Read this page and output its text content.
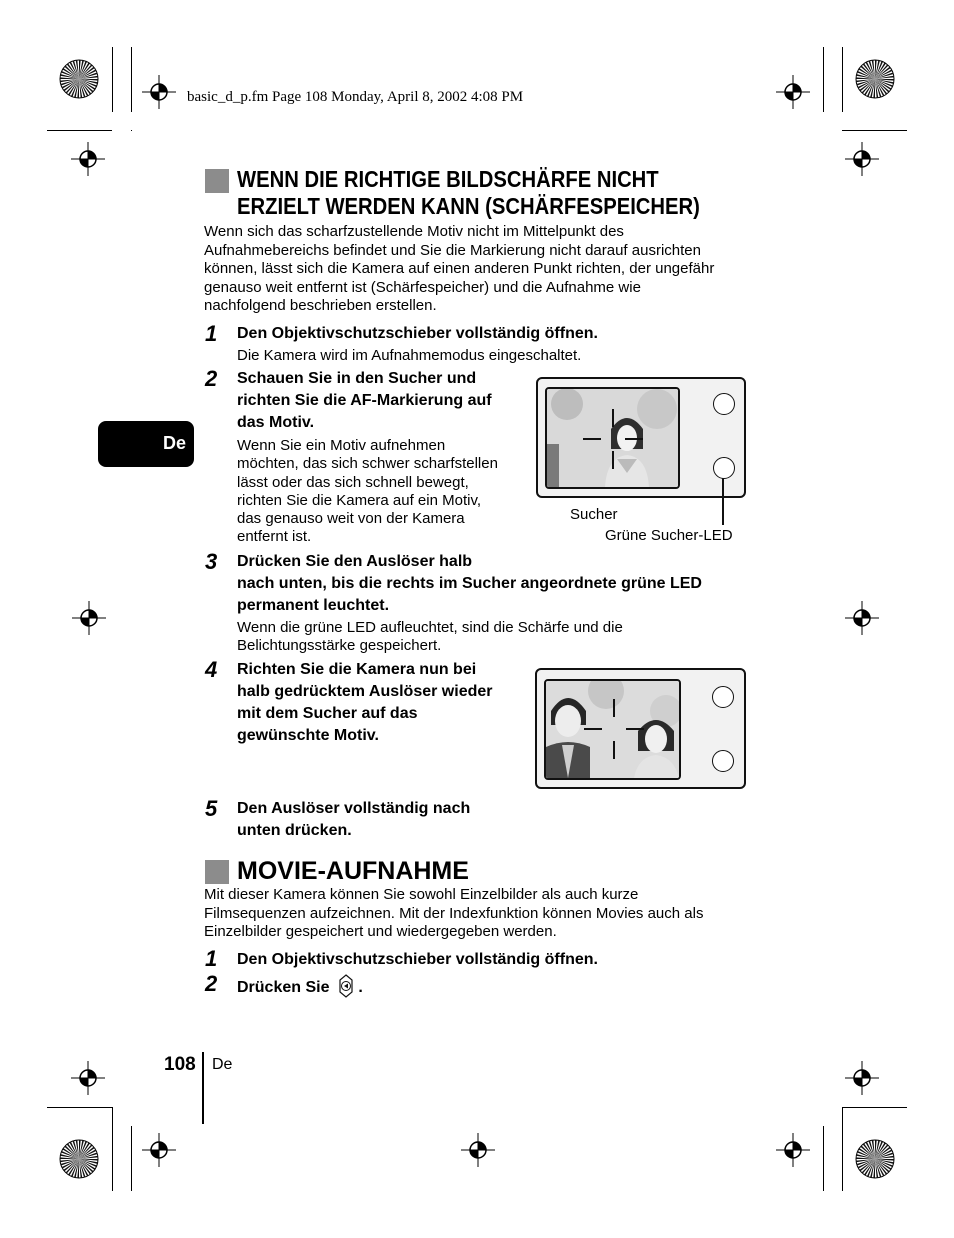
basic_d_p.fm Page 108 Monday, April 8, 2002 4:08 PM
De
WENN DIE RICHTIGE BILDSCHÄRFE NICHT
ERZIELT WERDEN KANN (SCHÄRFESPEICHER)
Wenn sich das scharfzustellende Motiv nicht im Mittelpunkt des
Aufnahmebereichs befindet und Sie die Markierung nicht darauf ausrichten
können, lässt sich die Kamera auf einen anderen Punkt richten, der ungefähr
genauso weit entfernt ist (Schärfespeicher) und die Aufnahme wie
nachfolgend beschrieben erstellen.
1 Den Objektivschutzschieber vollständig öffnen.
Die Kamera wird im Aufnahmemodus eingeschaltet.
2 Schauen Sie in den Sucher und
richten Sie die AF-Markierung auf
das Motiv.
Wenn Sie ein Motiv aufnehmen
möchten, das sich schwer scharfstellen
lässt oder das sich schnell bewegt,
richten Sie die Kamera auf ein Motiv,
das genauso weit von der Kamera
entfernt ist.
Sucher
Grüne Sucher-LED
3 Drücken Sie den Auslöser halb
nach unten, bis die rechts im Sucher angeordnete grüne LED
permanent leuchtet.
Wenn die grüne LED aufleuchtet, sind die Schärfe und die
Belichtungsstärke gespeichert.
4 Richten Sie die Kamera nun bei
halb gedrücktem Auslöser wieder
mit dem Sucher auf das
gewünschte Motiv.
5 Den Auslöser vollständig nach
unten drücken.
MOVIE-AUFNAHME
Mit dieser Kamera können Sie sowohl Einzelbilder als auch kurze
Filmsequenzen aufzeichnen. Mit der Indexfunktion können Movies auch als
Einzelbilder gespeichert und wiedergegeben werden.
1 Den Objektivschutzschieber vollständig öffnen.
2 Drücken Sie .
108 De
